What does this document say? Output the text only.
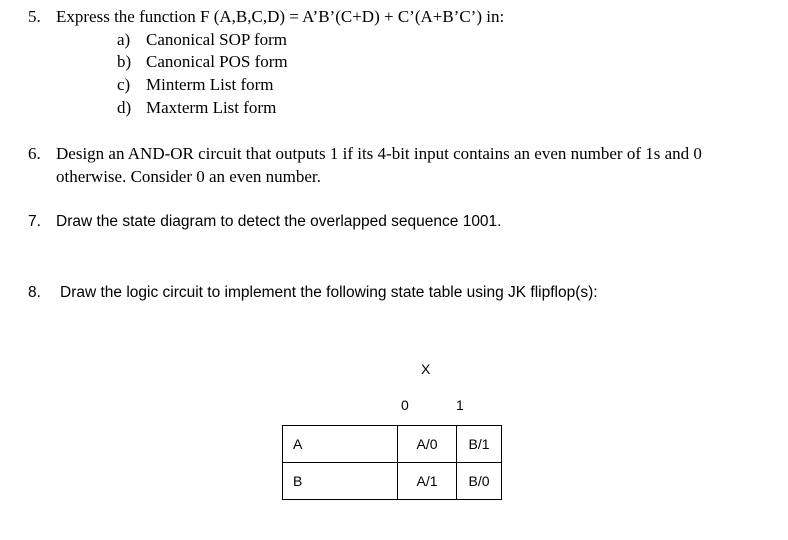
5. Express the function F (A,B,C,D) = A’B’(C+D) + C’(A+B’C’) in:
a) Canonical SOP form
b) Canonical POS form
c) Minterm List form
d) Maxterm List form
6. Design an AND-OR circuit that outputs 1 if its 4-bit input contains an even number of 1s and 0
otherwise. Consider 0 an even number.
7. Draw the state diagram to detect the overlapped sequence 1001.
8. Draw the logic circuit to implement the following state table using JK flipflop(s):
X
0	1
A	A/0	B/1
B	A/1	B/0
